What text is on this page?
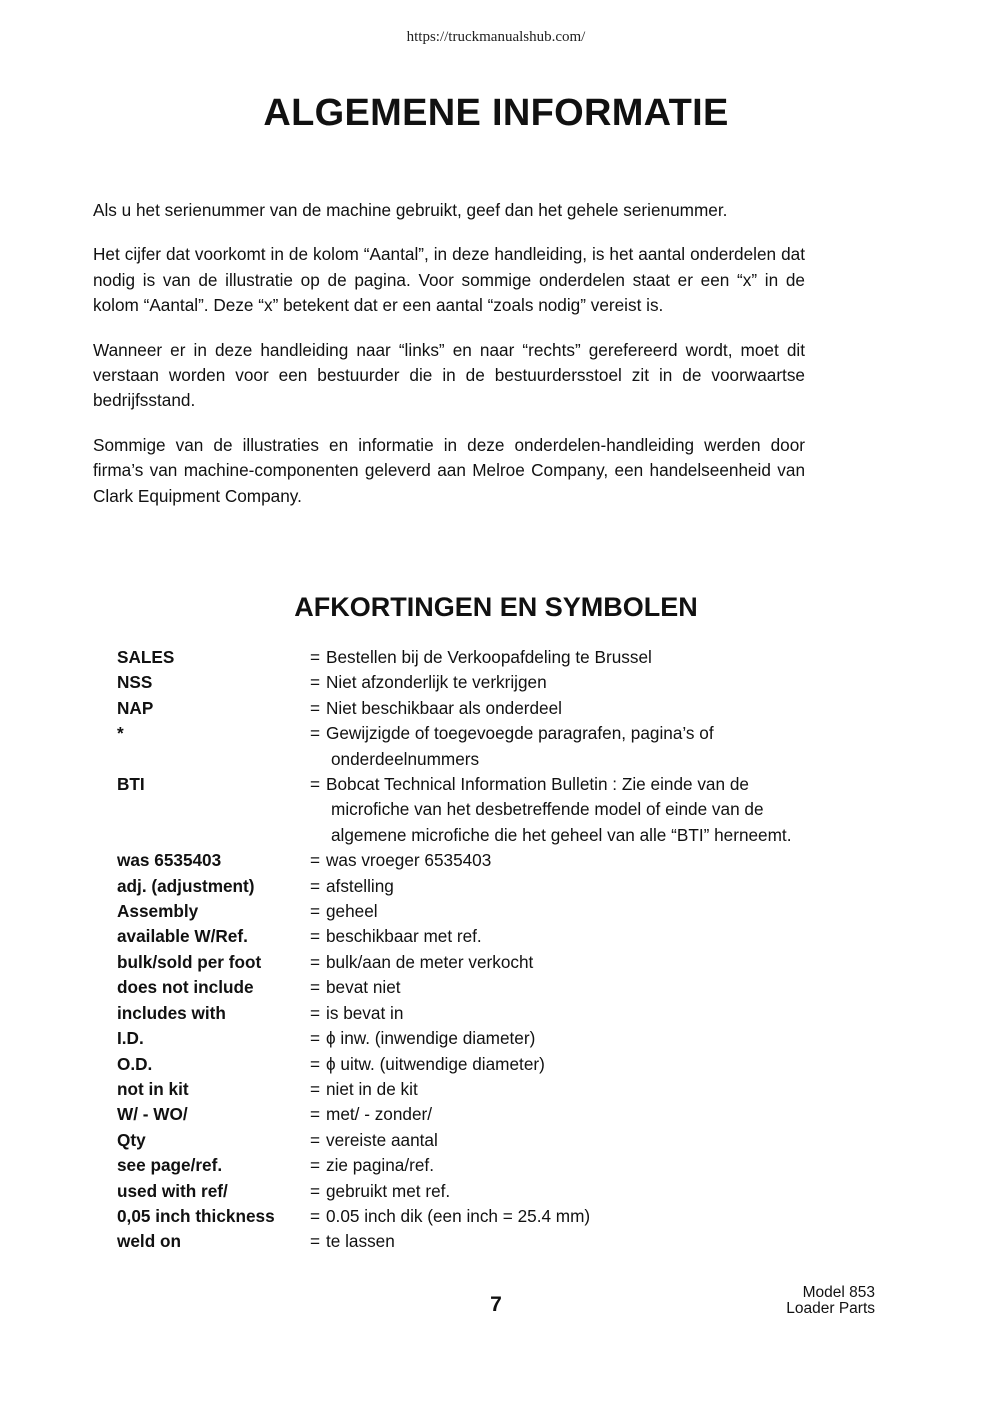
https://truckmanualshub.com/
ALGEMENE INFORMATIE

Als u het serienummer van de machine gebruikt, geef dan het gehele serienummer.

Het cijfer dat voorkomt in de kolom “Aantal”, in deze handleiding, is het aantal onderdelen dat nodig is van de illustratie op de pagina. Voor sommige onderdelen staat er een “x” in de kolom “Aantal”. Deze “x” betekent dat er een aantal “zoals nodig” vereist is.

Wanneer er in deze handleiding naar “links” en naar “rechts” gerefereerd wordt, moet dit verstaan worden voor een bestuurder die in de bestuurdersstoel zit in de voorwaartse bedrijfsstand.

Sommige van de illustraties en informatie in deze onderdelen-handleiding werden door firma’s van machine-componenten geleverd aan Melroe Company, een handelseenheid van Clark Equipment Company.

AFKORTINGEN EN SYMBOLEN
SALES	= Bestellen bij de Verkoopafdeling te Brussel
NSS	= Niet afzonderlijk te verkrijgen
NAP	= Niet beschikbaar als onderdeel
*	= Gewijzigde of toegevoegde paragrafen, pagina’s of
onderdeelnummers
BTI	= Bobcat Technical Information Bulletin : Zie einde van de
microfiche van het desbetreffende model of einde van de
algemene microfiche die het geheel van alle “BTI” herneemt.
was 6535403	= was vroeger 6535403
adj. (adjustment)	= afstelling
Assembly	= geheel
available W/Ref.	= beschikbaar met ref.
bulk/sold per foot	= bulk/aan de meter verkocht
does not include	= bevat niet
includes with	= is bevat in
I.D.	= ϕ inw. (inwendige diameter)
O.D.	= ϕ uitw. (uitwendige diameter)
not in kit	= niet in de kit
W/ - WO/	= met/ - zonder/
Qty	= vereiste aantal
see page/ref.	= zie pagina/ref.
used with ref/	= gebruikt met ref.
0,05 inch thickness	= 0.05 inch dik (een inch = 25.4 mm)
weld on	= te lassen
7
Model 853
Loader Parts
